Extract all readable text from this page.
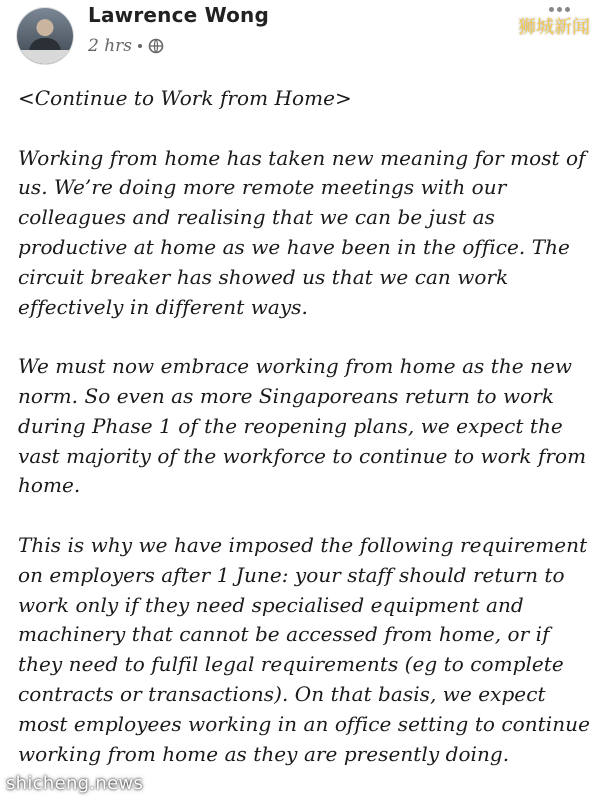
Lawrence Wong
2 hrs
狮城新闻

<Continue to Work from Home>

Working from home has taken new meaning for most of us. We’re doing more remote meetings with our colleagues and realising that we can be just as productive at home as we have been in the office. The circuit breaker has showed us that we can work effectively in different ways.

We must now embrace working from home as the new norm. So even as more Singaporeans return to work during Phase 1 of the reopening plans, we expect the vast majority of the workforce to continue to work from home.

This is why we have imposed the following requirement on employers after 1 June: your staff should return to work only if they need specialised equipment and machinery that cannot be accessed from home, or if they need to fulfil legal requirements (eg to complete contracts or transactions). On that basis, we expect most employees working in an office setting to continue working from home as they are presently doing.

shicheng.news
